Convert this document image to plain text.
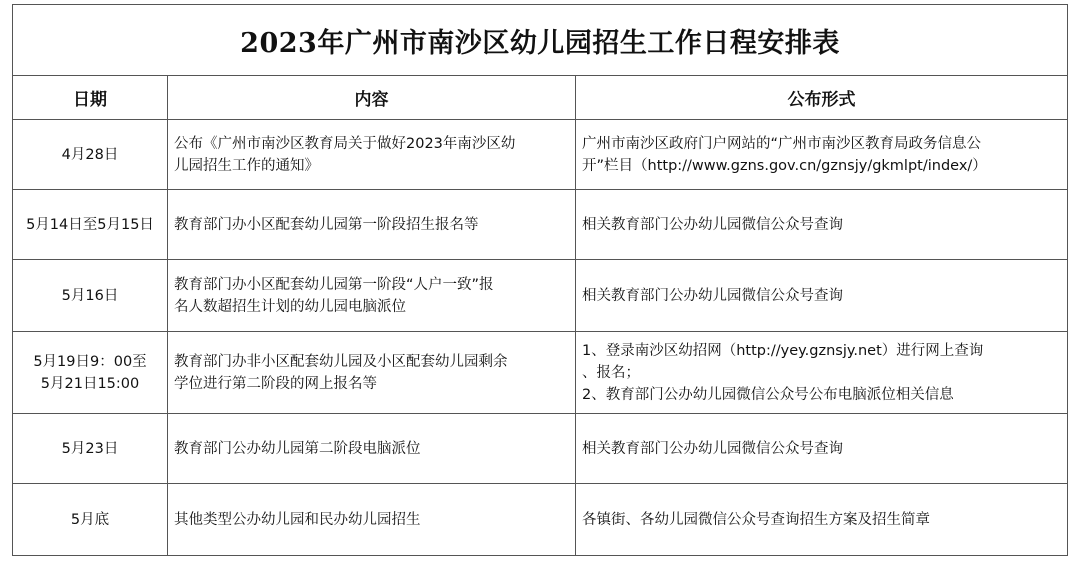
2023年广州市南沙区幼儿园招生工作日程安排表		
日期	内容	公布形式

4月28日	公布《广州市南沙区教育局关于做好2023年南沙区幼
儿园招生工作的通知》	广州市南沙区政府门户网站的“广州市南沙区教育局政务信息公
开”栏目（http://www.gzns.gov.cn/gznsjy/gkmlpt/index/）

5月14日至5月15日	教育部门办小区配套幼儿园第一阶段招生报名等	相关教育部门公办幼儿园微信公众号查询

5月16日	教育部门办小区配套幼儿园第一阶段“人户一致”报
名人数超招生计划的幼儿园电脑派位	相关教育部门公办幼儿园微信公众号查询

5月19日9：00至
5月21日15:00	教育部门办非小区配套幼儿园及小区配套幼儿园剩余
学位进行第二阶段的网上报名等	1、登录南沙区幼招网（http://yey.gznsjy.net）进行网上查询
、报名；
2、教育部门公办幼儿园微信公众号公布电脑派位相关信息

5月23日	教育部门公办幼儿园第二阶段电脑派位	相关教育部门公办幼儿园微信公众号查询

5月底	其他类型公办幼儿园和民办幼儿园招生	各镇街、各幼儿园微信公众号查询招生方案及招生简章
